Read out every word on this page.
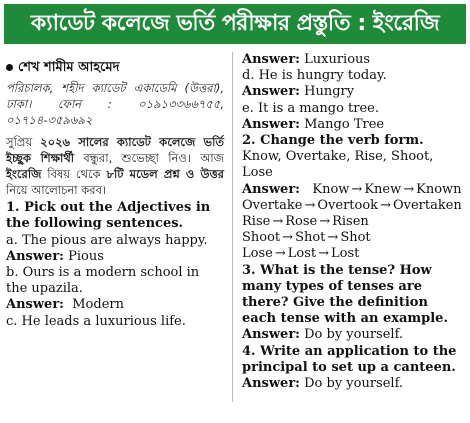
ক্যাডেট কলেজে ভর্তি পরীক্ষার প্রস্তুতি : ইংরেজি
শেখ শামীম আহমেদ
পরিচালক, শহীদ ক্যাডেট একাডেমি (উত্তরা), ঢাকা। ফোন : ০১৯১৩৩৬৬৭৫৫, ০১৭১৪-৩৫৯৬৯২
সুপ্রিয় ২০২৬ সালের ক্যাডেট কলেজে ভর্তি ইচ্ছুক শিক্ষার্থী বন্ধুরা, শুভেচ্ছা নিও। আজ ইংরেজি বিষয় থেকে ৮টি মডেল প্রশ্ন ও উত্তর নিয়ে আলোচনা করব।

1. Pick out the Adjectives in the following sentences.

a. The pious are always happy.

Answer: Pious

b. Ours is a modern school in the upazila.

Answer: Modern

c. He leads a luxurious life.

Answer: Luxurious

d. He is hungry today.

Answer: Hungry

e. It is a mango tree.

Answer: Mango Tree

2. Change the verb form.

Know, Overtake, Rise, Shoot, Lose

Answer: Know → Knew → Known

Overtake → Overtook → Overtaken

Rise → Rose → Risen

Shoot → Shot → Shot

Lose → Lost → Lost

3. What is the tense? How many types of tenses are there? Give the definition each tense with an example.

Answer: Do by yourself.

4. Write an application to the principal to set up a canteen.

Answer: Do by yourself.
